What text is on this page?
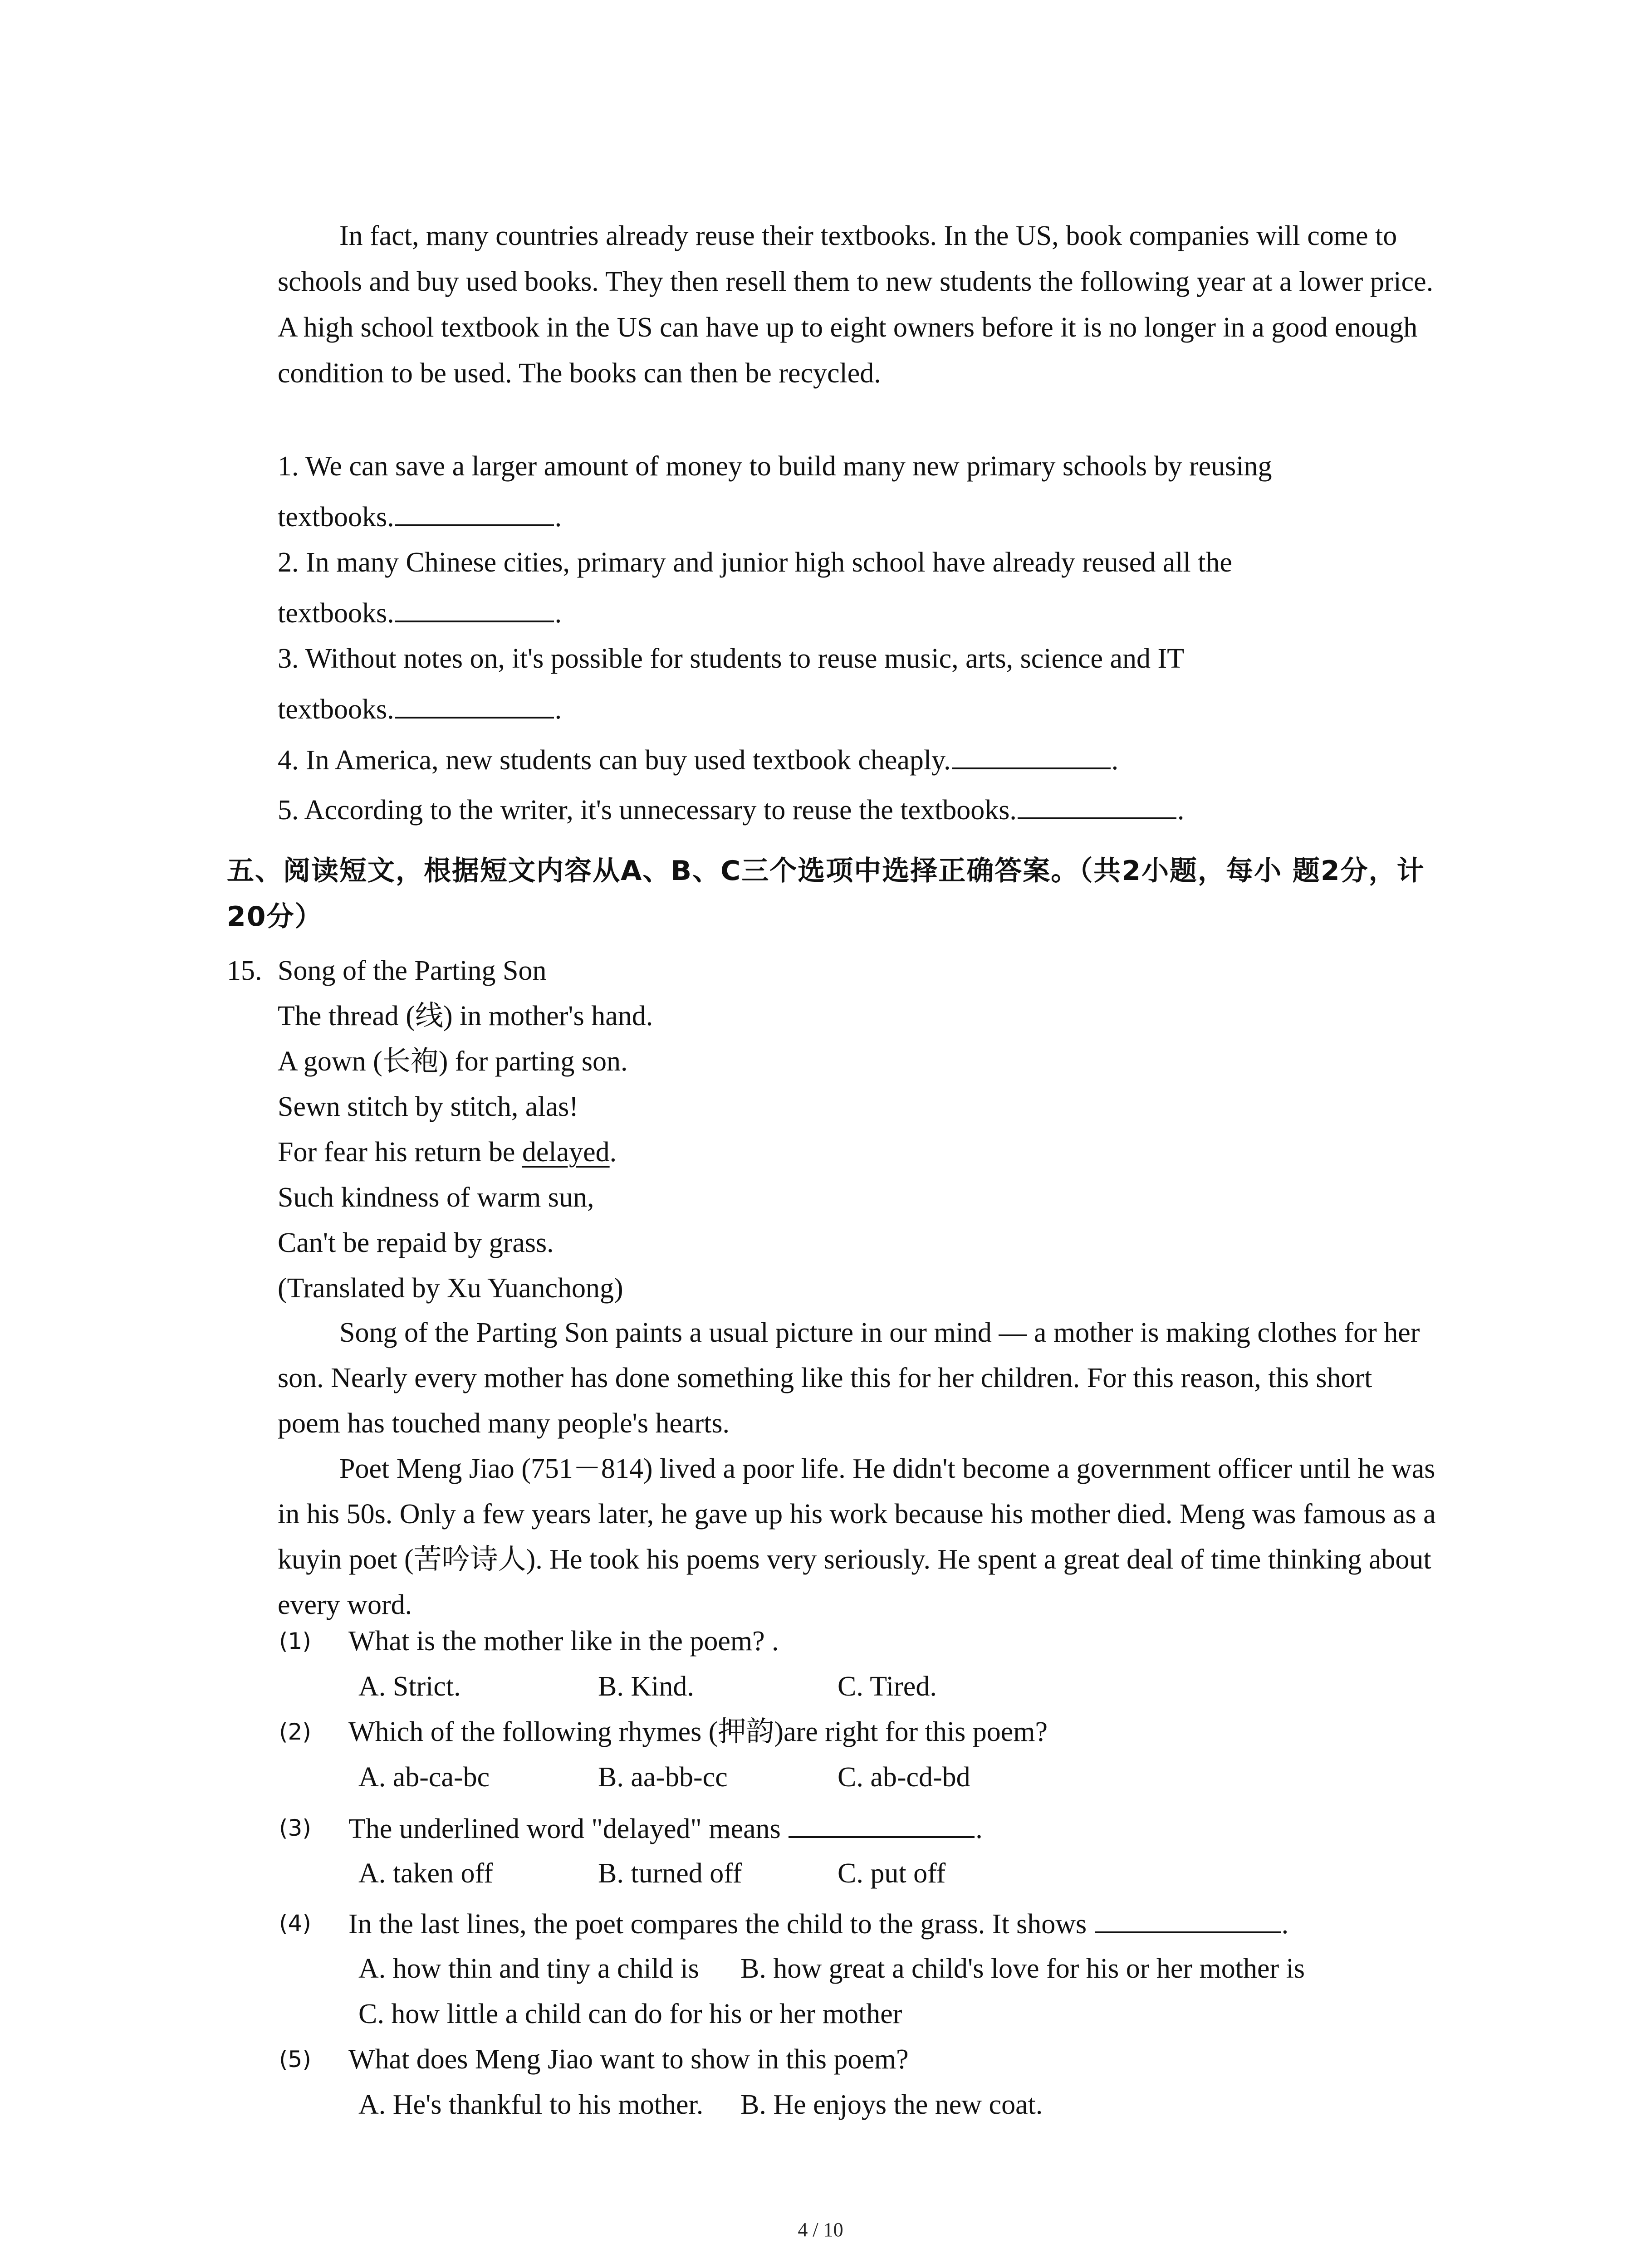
In fact, many countries already reuse their textbooks. In the US, book companies will come to schools and buy used books. They then resell them to new students the following year at a lower price. A high school textbook in the US can have up to eight owners before it is no longer in a good enough condition to be used. The books can then be recycled.

1. We can save a larger amount of money to build many new primary schools by reusing

textbooks.	.

2. In many Chinese cities, primary and junior high school have already reused all the

textbooks.	.

3. Without notes on, it's possible for students to reuse music, arts, science and IT

textbooks.	.

4. In America, new students can buy used textbook cheaply.	.

5. According to the writer, it's unnecessary to reuse the textbooks.	.

五、阅读短文，根据短文内容从A、B、C三个选项中选择正确答案。（共2小题，每小 题2分，计20分）

15. Song of the Parting Son

The thread (线) in mother's hand.

A gown (长袍) for parting son.

Sewn stitch by stitch, alas!

For fear his return be delayed.

Such kindness of warm sun,

Can't be repaid by grass.

(Translated by Xu Yuanchong)

Song of the Parting Son paints a usual picture in our mind — a mother is making clothes for her son. Nearly every mother has done something like this for her children. For this reason, this short poem has touched many people's hearts.

Poet Meng Jiao (751－814) lived a poor life. He didn't become a government officer until he was in his 50s. Only a few years later, he gave up his work because his mother died. Meng was famous as a kuyin poet (苦吟诗人). He took his poems very seriously. He spent a great deal of time thinking about every word.

(1) What is the mother like in the poem? .

A. Strict.	B. Kind.	C. Tired.

(2) Which of the following rhymes (押韵)are right for this poem?

A. ab-ca-bc	B. aa-bb-cc	C. ab-cd-bd

(3) The underlined word "delayed" means	.

A. taken off	B. turned off	C. put off

(4) In the last lines, the poet compares the child to the grass. It shows	.

A. how thin and tiny a child is B. how great a child's love for his or her mother is

C. how little a child can do for his or her mother

(5) What does Meng Jiao want to show in this poem?

A. He's thankful to his mother. B. He enjoys the new coat.

4 / 10
